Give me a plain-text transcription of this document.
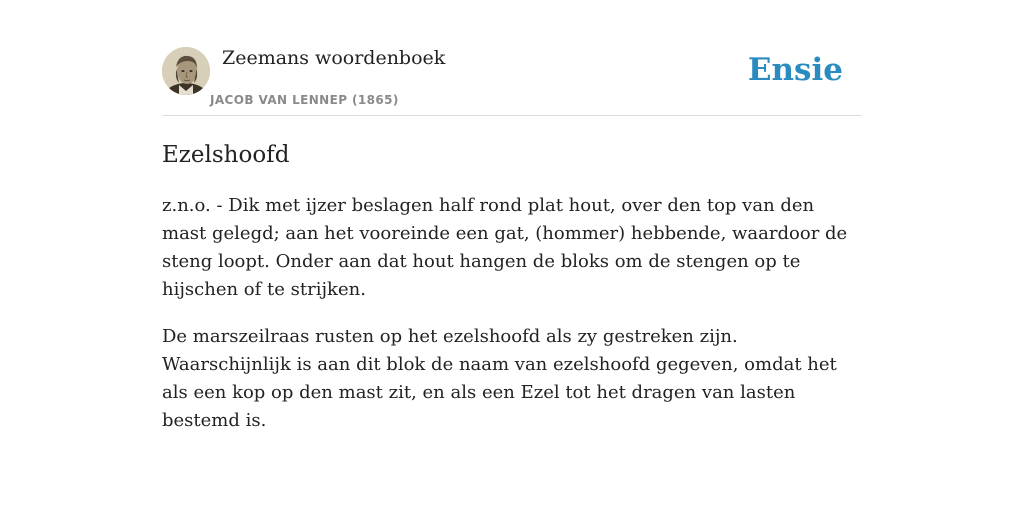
Zeemans woordenboek
JACOB VAN LENNEP (1865)
Ensie
Ezelshoofd

z.n.o. - Dik met ijzer beslagen half rond plat hout, over den top van den mast gelegd; aan het vooreinde een gat, (hommer) hebbende, waardoor de steng loopt. Onder aan dat hout hangen de bloks om de stengen op te hijschen of te strijken.

De marszeilraas rusten op het ezelshoofd als zy gestreken zijn. Waarschijnlijk is aan dit blok de naam van ezelshoofd gegeven, omdat het als een kop op den mast zit, en als een Ezel tot het dragen van lasten bestemd is.
